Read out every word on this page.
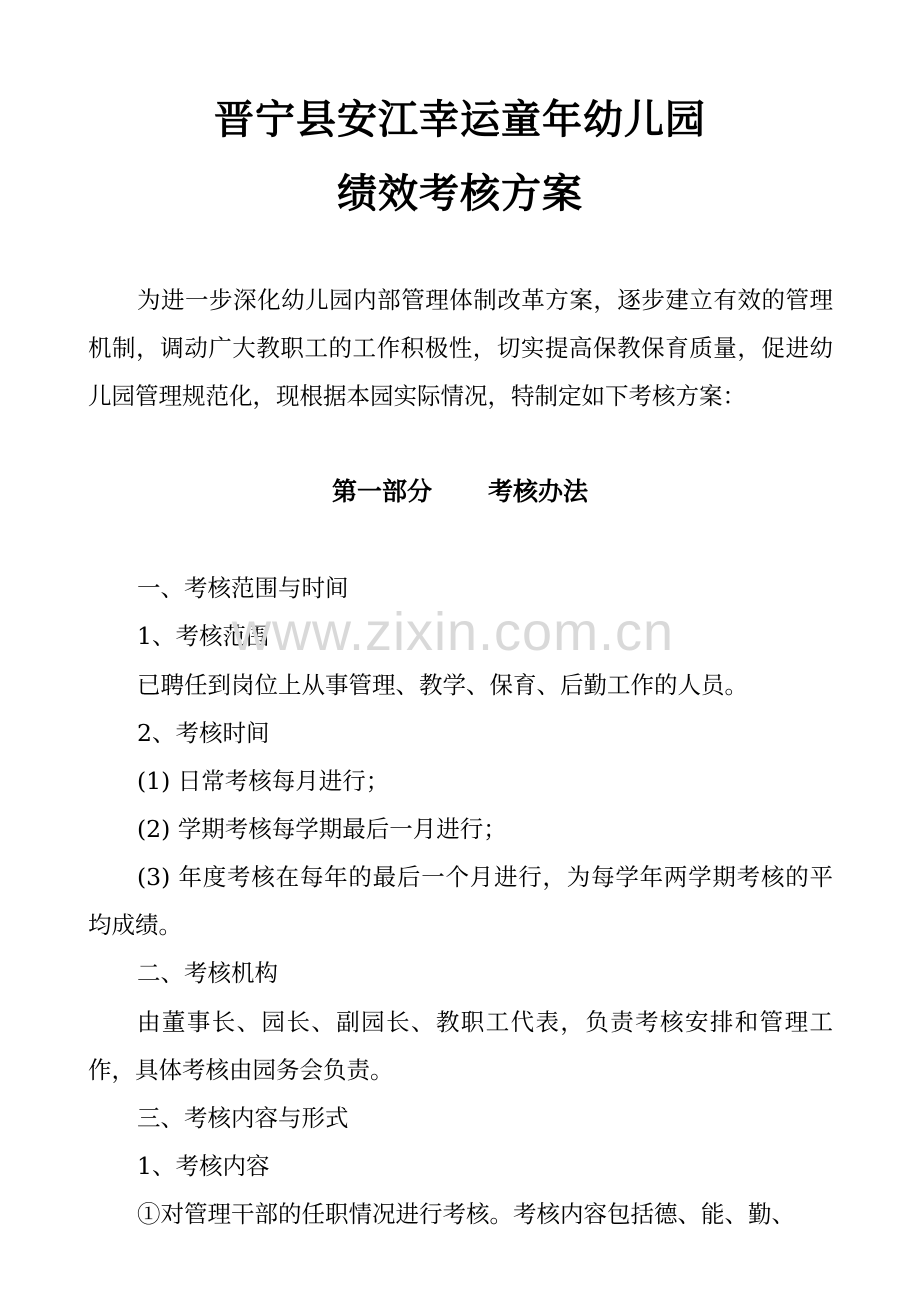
晋宁县安江幸运童年幼儿园
绩效考核方案

为进一步深化幼儿园内部管理体制改革方案，逐步建立有效的管理机制，调动广大教职工的工作积极性，切实提高保教保育质量，促进幼儿园管理规范化，现根据本园实际情况，特制定如下考核方案：

第一部分 考核办法
一、考核范围与时间
1、考核范围
已聘任到岗位上从事管理、教学、保育、后勤工作的人员。
2、考核时间
(1) 日常考核每月进行；
(2) 学期考核每学期最后一月进行；

(3) 年度考核在每年的最后一个月进行，为每学年两学期考核的平均成绩。

二、考核机构

由董事长、园长、副园长、教职工代表，负责考核安排和管理工作，具体考核由园务会负责。

三、考核内容与形式
1、考核内容
①对管理干部的任职情况进行考核。考核内容包括德、能、勤、
www.zixin.com.cn
